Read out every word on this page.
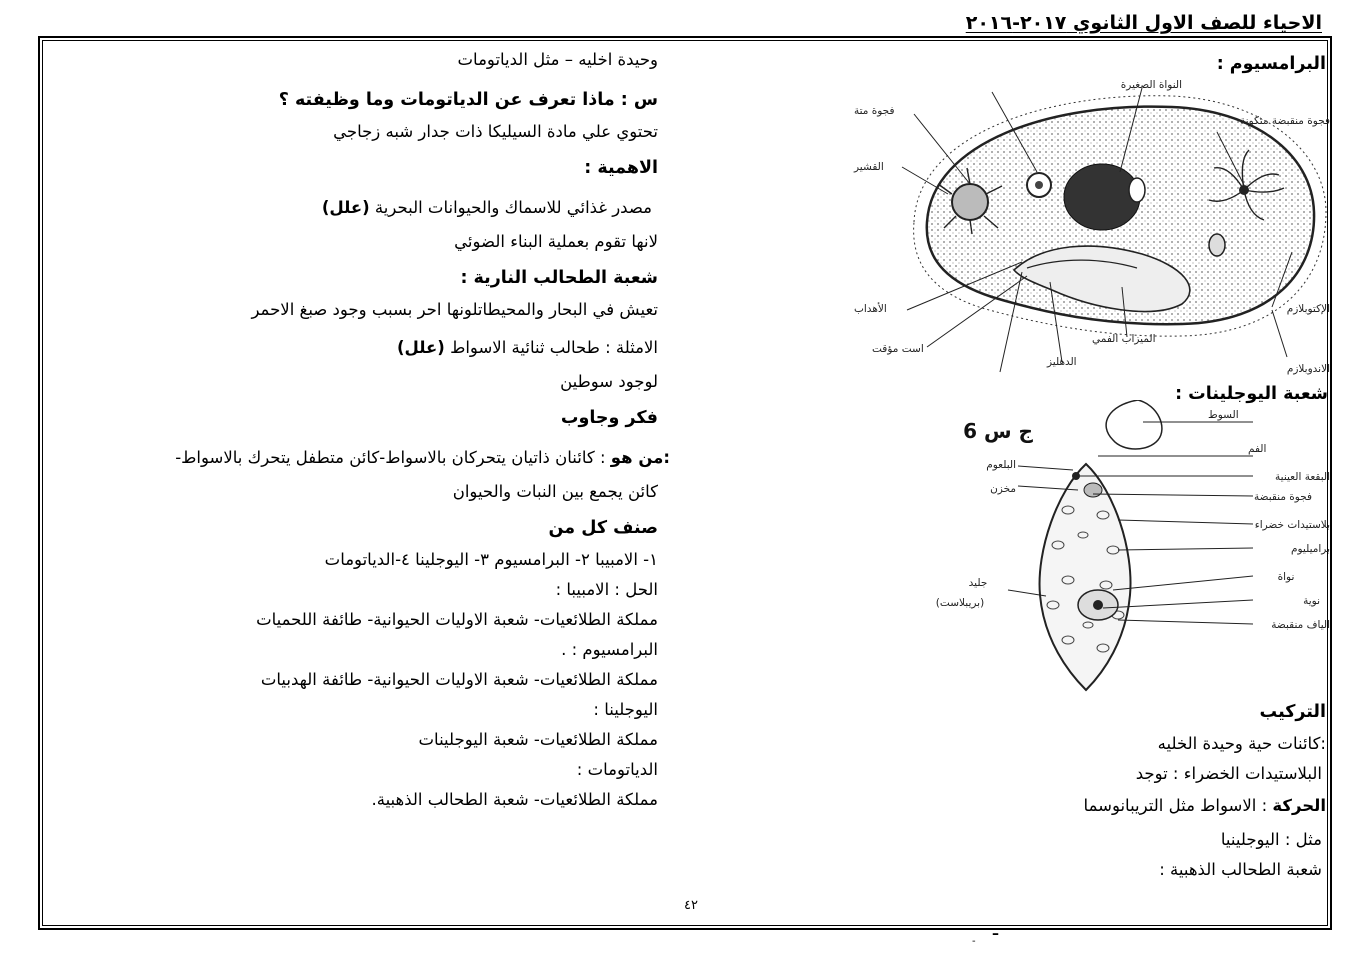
الاحياء للصف الاول الثانوي ٢٠١٧-٢٠١٦
وحيدة اخليه – مثل الدياتومات
س : ماذا تعرف عن الدياتومات وما وظيفته ؟
تحتوي علي مادة السيليكا ذات جدار شبه زجاجي
الاهمية :
مصدر غذائي للاسماك والحيوانات البحرية (علل)
لانها تقوم بعملية البناء الضوئي
شعبة الطحالب النارية :
تعيش في البحار والمحيطاتلونها احر بسبب وجود صبغ الاحمر
الامثلة : طحالب ثنائية الاسواط (علل)
لوجود سوطين
فكر وجاوب
:من هو : كائنان ذاتيان يتحركان بالاسواط-كائن متطفل يتحرك بالاسواط-
كائن يجمع بين النبات والحيوان
صنف كل من
١- الامبيبا ٢- البرامسيوم ٣- اليوجلينا ٤-الدياتومات
الحل : الامبيبا :
مملكة الطلائعيات- شعبة الاوليات الحيوانية- طائفة اللحميات
البرامسيوم : .
مملكة الطلائعيات- شعبة الاوليات الحيوانية- طائفة الهدبيات
اليوجلينا :
مملكة الطلائعيات- شعبة اليوجلينات
الدياتومات :
مملكة الطلائعيات- شعبة الطحالب الذهبية.
البرامسيوم :
شعبة اليوجلينات :
التركيب
:كائنات حية وحيدة الخليه
البلاستيدات الخضراء : توجد
الحركة : الاسواط مثل التريبانوسما
مثل : اليوجلينيا
شعبة الطحالب الذهبية :
النواة الصغيرة
فجوة منقبضة متكونة
فجوة متة
القشير
الأهداب
است مؤقت
الميزاب الفمي
الدهليز
الإكتوبلازم
الاندوبلازم
ج س 6
السوط
الفم
البقعة العينية
فجوة منقبضة
بلاستيدات خضراء
براميليوم
نواة
نوية
الياف منقبضة
البلعوم
مخزن
جليد
(بريبلاست)
٤٢
–
-
